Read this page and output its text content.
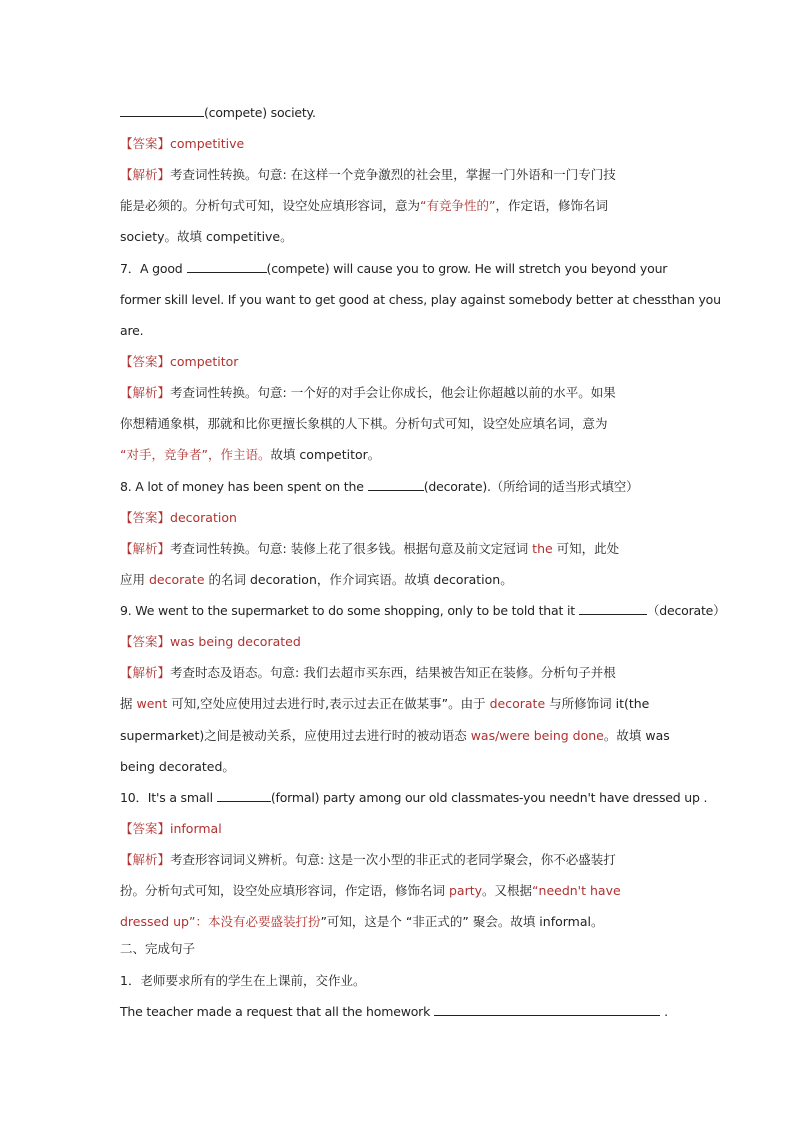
(compete) society.
【答案】competitive
【解析】考查词性转换。句意: 在这样一个竞争激烈的社会里，掌握一门外语和一门专门技
能是必须的。分析句式可知，设空处应填形容词，意为“有竞争性的”，作定语，修饰名词
society。故填 competitive。
7．A good	(compete) will cause you to grow. He will stretch you beyond your
former skill level. If you want to get good at chess, play against somebody better at chessthan you
are.
【答案】competitor
【解析】考查词性转换。句意: 一个好的对手会让你成长，他会让你超越以前的水平。如果
你想精通象棋，那就和比你更擅长象棋的人下棋。分析句式可知，设空处应填名词，意为
“对手，竞争者”，作主语。故填 competitor。
8. A lot of money has been spent on the	(decorate).（所给词的适当形式填空）
【答案】decoration
【解析】考查词性转换。句意: 装修上花了很多钱。根据句意及前文定冠词 the 可知，此处
应用 decorate 的名词 decoration，作介词宾语。故填 decoration。
9. We went to the supermarket to do some shopping, only to be told that it	（decorate）
【答案】was being decorated
【解析】考查时态及语态。句意: 我们去超市买东西，结果被告知正在装修。分析句子并根
据 went 可知,空处应使用过去进行时,表示过去正在做某事”。由于 decorate 与所修饰词 it(the
supermarket)之间是被动关系，应使用过去进行时的被动语态 was/were being done。故填 was
being decorated。
10．It's a small	(formal) party among our old classmates-you needn't have dressed up .
【答案】informal
【解析】考查形容词词义辨析。句意: 这是一次小型的非正式的老同学聚会，你不必盛装打
扮。分析句式可知，设空处应填形容词，作定语，修饰名词 party。又根据“needn't have
dressed up”：本没有必要盛装打扮”可知，这是个 “非正式的” 聚会。故填 informal。
二、完成句子
1．老师要求所有的学生在上课前，交作业。
The teacher made a request that all the homework	.
